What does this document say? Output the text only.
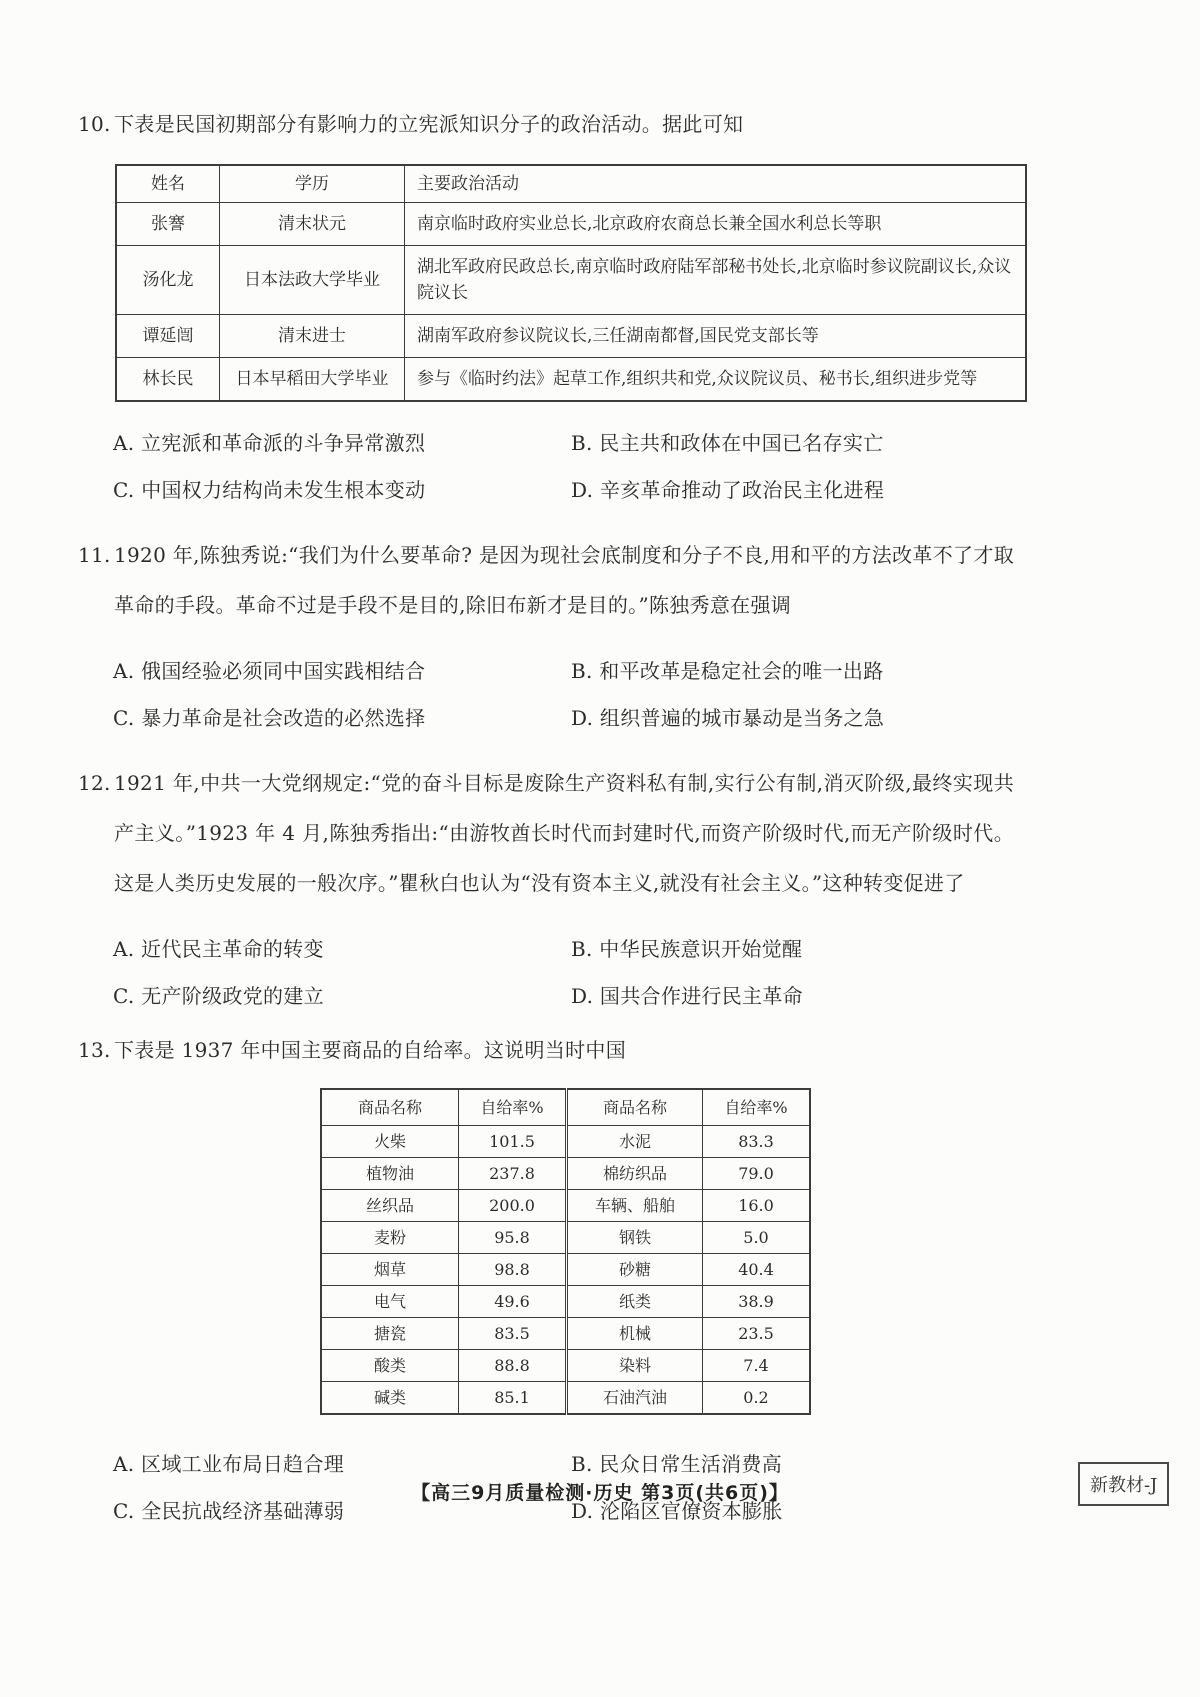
10. 下表是民国初期部分有影响力的立宪派知识分子的政治活动。据此可知

姓名	学历	主要政治活动
张謇	清末状元	南京临时政府实业总长,北京政府农商总长兼全国水利总长等职
汤化龙	日本法政大学毕业	湖北军政府民政总长,南京临时政府陆军部秘书处长,北京临时参议院副议长,众议院议长
谭延闿	清末进士	湖南军政府参议院议长,三任湖南都督,国民党支部长等
林长民	日本早稻田大学毕业	参与《临时约法》起草工作,组织共和党,众议院议员、秘书长,组织进步党等
A. 立宪派和革命派的斗争异常激烈	B. 民主共和政体在中国已名存实亡
C. 中国权力结构尚未发生根本变动	D. 辛亥革命推动了政治民主化进程

11. 1920 年,陈独秀说:“我们为什么要革命? 是因为现社会底制度和分子不良,用和平的方法改革不了才取革命的手段。革命不过是手段不是目的,除旧布新才是目的。”陈独秀意在强调

A. 俄国经验必须同中国实践相结合	B. 和平改革是稳定社会的唯一出路
C. 暴力革命是社会改造的必然选择	D. 组织普遍的城市暴动是当务之急

12. 1921 年,中共一大党纲规定:“党的奋斗目标是废除生产资料私有制,实行公有制,消灭阶级,最终实现共产主义。”1923 年 4 月,陈独秀指出:“由游牧酋长时代而封建时代,而资产阶级时代,而无产阶级时代。这是人类历史发展的一般次序。”瞿秋白也认为“没有资本主义,就没有社会主义。”这种转变促进了

A. 近代民主革命的转变	B. 中华民族意识开始觉醒
C. 无产阶级政党的建立	D. 国共合作进行民主革命

13. 下表是 1937 年中国主要商品的自给率。这说明当时中国

商品名称	自给率%	商品名称	自给率%
火柴	101.5	水泥	83.3
植物油	237.8	棉纺织品	79.0
丝织品	200.0	车辆、船舶	16.0
麦粉	95.8	钢铁	5.0
烟草	98.8	砂糖	40.4
电气	49.6	纸类	38.9
搪瓷	83.5	机械	23.5
酸类	88.8	染料	7.4
碱类	85.1	石油汽油	0.2
A. 区域工业布局日趋合理	B. 民众日常生活消费高
C. 全民抗战经济基础薄弱	D. 沦陷区官僚资本膨胀
【高三9月质量检测·历史 第3页(共6页)】	新教材-J
